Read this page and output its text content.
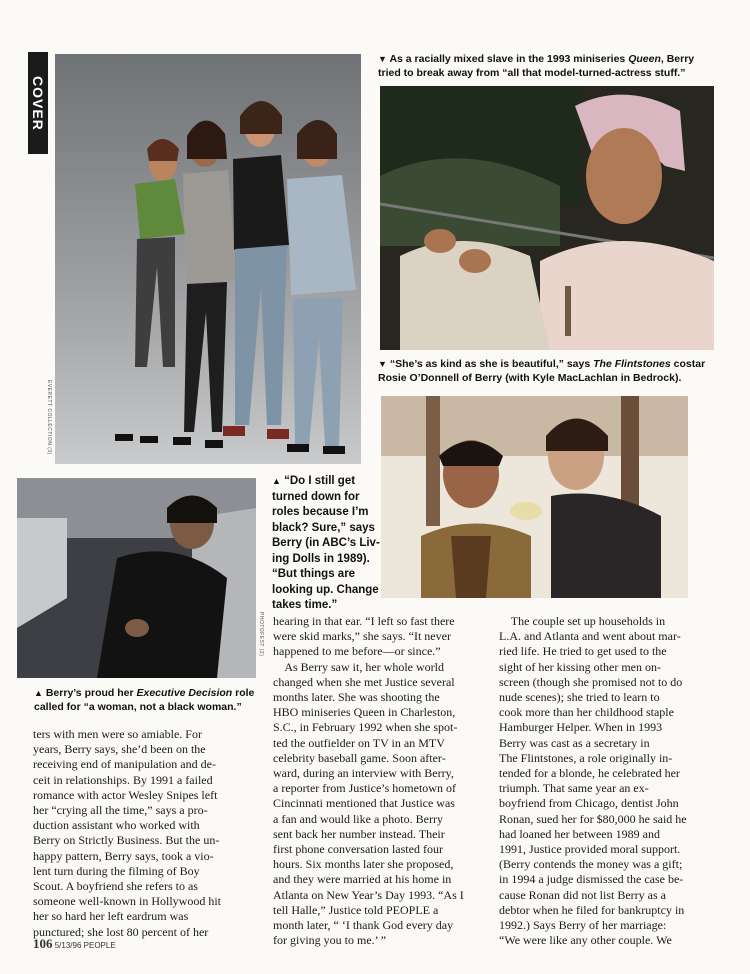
COVER
EVERETT COLLECTION (3)
▼ As a racially mixed slave in the 1993 miniseries Queen, Berry tried to break away from “all that model-turned-actress stuff.”
▼ “She’s as kind as she is beautiful,” says The Flintstones costar Rosie O’Donnell of Berry (with Kyle MacLachlan in Bedrock).
PHOTOFEST (2)
▲ “Do I still get
turned down for
roles because I’m
black? Sure,” says
Berry (in ABC’s Liv-
ing Dolls in 1989).
“But things are
looking up. Change
takes time.”
▲ Berry’s proud her Executive Decision role called for “a woman, not a black woman.”
ters with men were so amiable. For
years, Berry says, she’d been on the
receiving end of manipulation and de-
ceit in relationships. By 1991 a failed
romance with actor Wesley Snipes left
her “crying all the time,” says a pro-
duction assistant who worked with
Berry on Strictly Business. But the un-
happy pattern, Berry says, took a vio-
lent turn during the filming of Boy
Scout. A boyfriend she refers to as
someone well-known in Hollywood hit
her so hard her left eardrum was
punctured; she lost 80 percent of her
hearing in that ear. “I left so fast there
were skid marks,” she says. “It never
happened to me before—or since.”
As Berry saw it, her whole world
changed when she met Justice several
months later. She was shooting the
HBO miniseries Queen in Charleston,
S.C., in February 1992 when she spot-
ted the outfielder on TV in an MTV
celebrity baseball game. Soon after-
ward, during an interview with Berry,
a reporter from Justice’s hometown of
Cincinnati mentioned that Justice was
a fan and would like a photo. Berry
sent back her number instead. Their
first phone conversation lasted four
hours. Six months later she proposed,
and they were married at his home in
Atlanta on New Year’s Day 1993. “As I
tell Halle,” Justice told PEOPLE a
month later, “ ‘I thank God every day
for giving you to me.’ ”
The couple set up households in
L.A. and Atlanta and went about mar-
ried life. He tried to get used to the
sight of her kissing other men on-
screen (though she promised not to do
nude scenes); she tried to learn to
cook more than her childhood staple
Hamburger Helper. When in 1993
Berry was cast as a secretary in
The Flintstones, a role originally in-
tended for a blonde, he celebrated her
triumph. That same year an ex-
boyfriend from Chicago, dentist John
Ronan, sued her for $80,000 he said he
had loaned her between 1989 and
1991, Justice provided moral support.
(Berry contends the money was a gift;
in 1994 a judge dismissed the case be-
cause Ronan did not list Berry as a
debtor when he filed for bankruptcy in
1992.) Says Berry of her marriage:
“We were like any other couple. We
106 5/13/96 PEOPLE
